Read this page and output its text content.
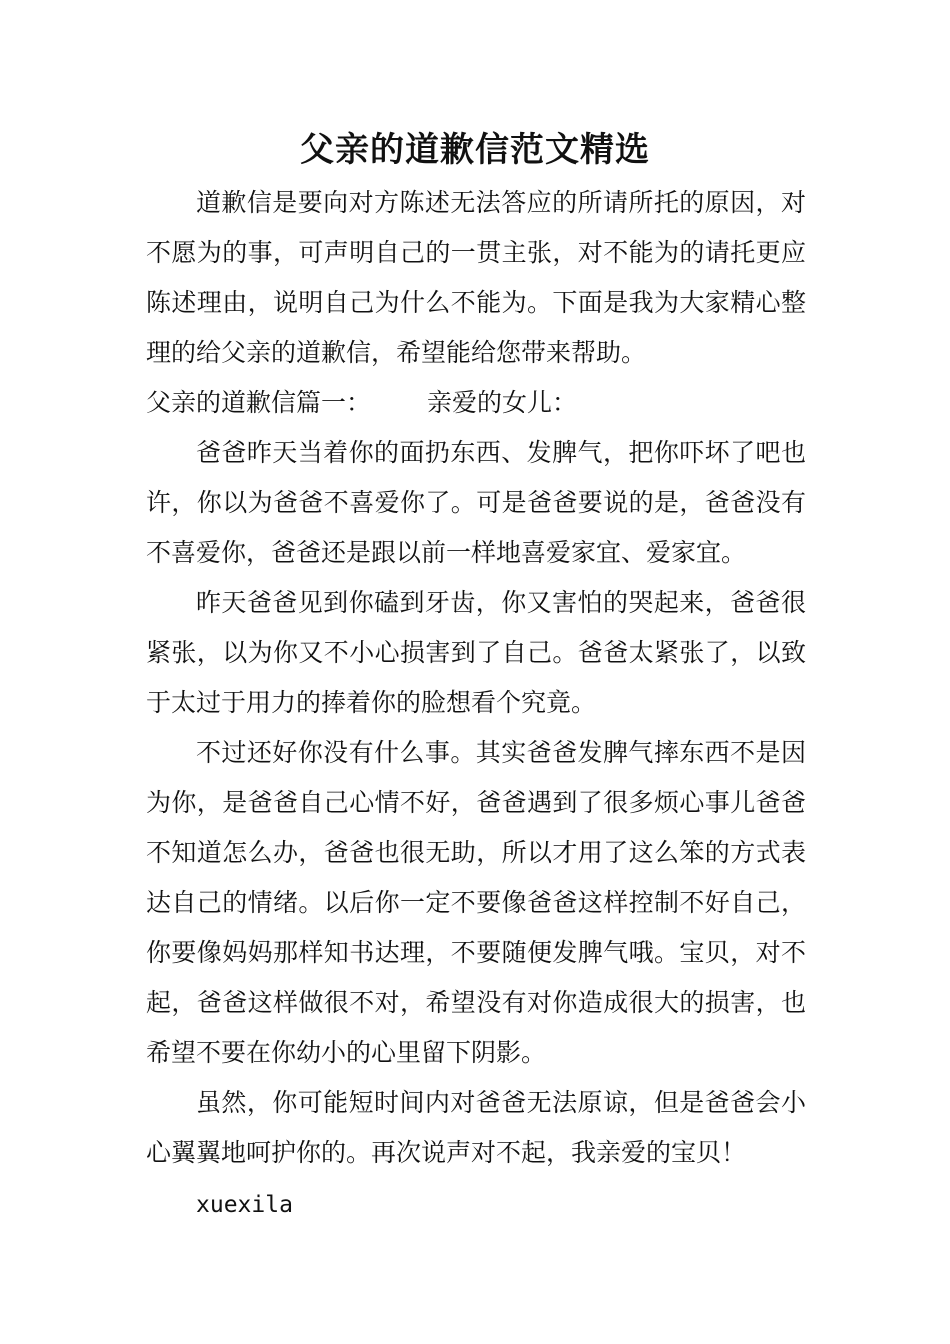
父亲的道歉信范文精选

道歉信是要向对方陈述无法答应的所请所托的原因，对不愿为的事，可声明自己的一贯主张，对不能为的请托更应陈述理由，说明自己为什么不能为。下面是我为大家精心整理的给父亲的道歉信，希望能给您带来帮助。

父亲的道歉信篇一： 亲爱的女儿：

爸爸昨天当着你的面扔东西、发脾气，把你吓坏了吧也许，你以为爸爸不喜爱你了。可是爸爸要说的是，爸爸没有不喜爱你，爸爸还是跟以前一样地喜爱家宜、爱家宜。

昨天爸爸见到你磕到牙齿，你又害怕的哭起来，爸爸很紧张，以为你又不小心损害到了自己。爸爸太紧张了，以致于太过于用力的捧着你的脸想看个究竟。

不过还好你没有什么事。其实爸爸发脾气摔东西不是因为你，是爸爸自己心情不好，爸爸遇到了很多烦心事儿爸爸不知道怎么办，爸爸也很无助，所以才用了这么笨的方式表达自己的情绪。以后你一定不要像爸爸这样控制不好自己，你要像妈妈那样知书达理，不要随便发脾气哦。宝贝，对不起，爸爸这样做很不对，希望没有对你造成很大的损害，也希望不要在你幼小的心里留下阴影。

虽然，你可能短时间内对爸爸无法原谅，但是爸爸会小心翼翼地呵护你的。再次说声对不起，我亲爱的宝贝！

xuexila
